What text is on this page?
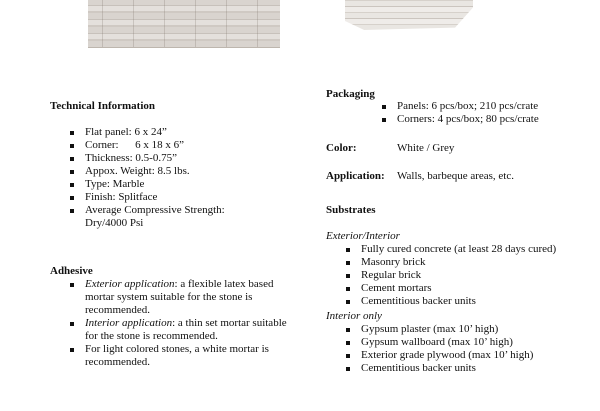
Technical Information
Flat panel: 6 x 24”
Corner:      6 x 18 x 6”
Thickness: 0.5-0.75”
Appox. Weight: 8.5 lbs.
Type: Marble
Finish: Splitface
Average Compressive Strength: Dry/4000 Psi
Adhesive
Exterior application: a flexible latex based mortar system suitable for the stone is recommended.
Interior application: a thin set mortar suitable for the stone is recommended.
For light colored stones, a white mortar is recommended.
Packaging
Panels: 6 pcs/box; 210 pcs/crate
Corners: 4 pcs/box; 80 pcs/crate
Color:	White / Grey
Application:	Walls, barbeque areas, etc.
Substrates
Exterior/Interior
Fully cured concrete (at least 28 days cured)
Masonry brick
Regular brick
Cement mortars
Cementitious backer units
Interior only
Gypsum plaster (max 10’ high)
Gypsum wallboard (max 10’ high)
Exterior grade plywood (max 10’ high)
Cementitious backer units
